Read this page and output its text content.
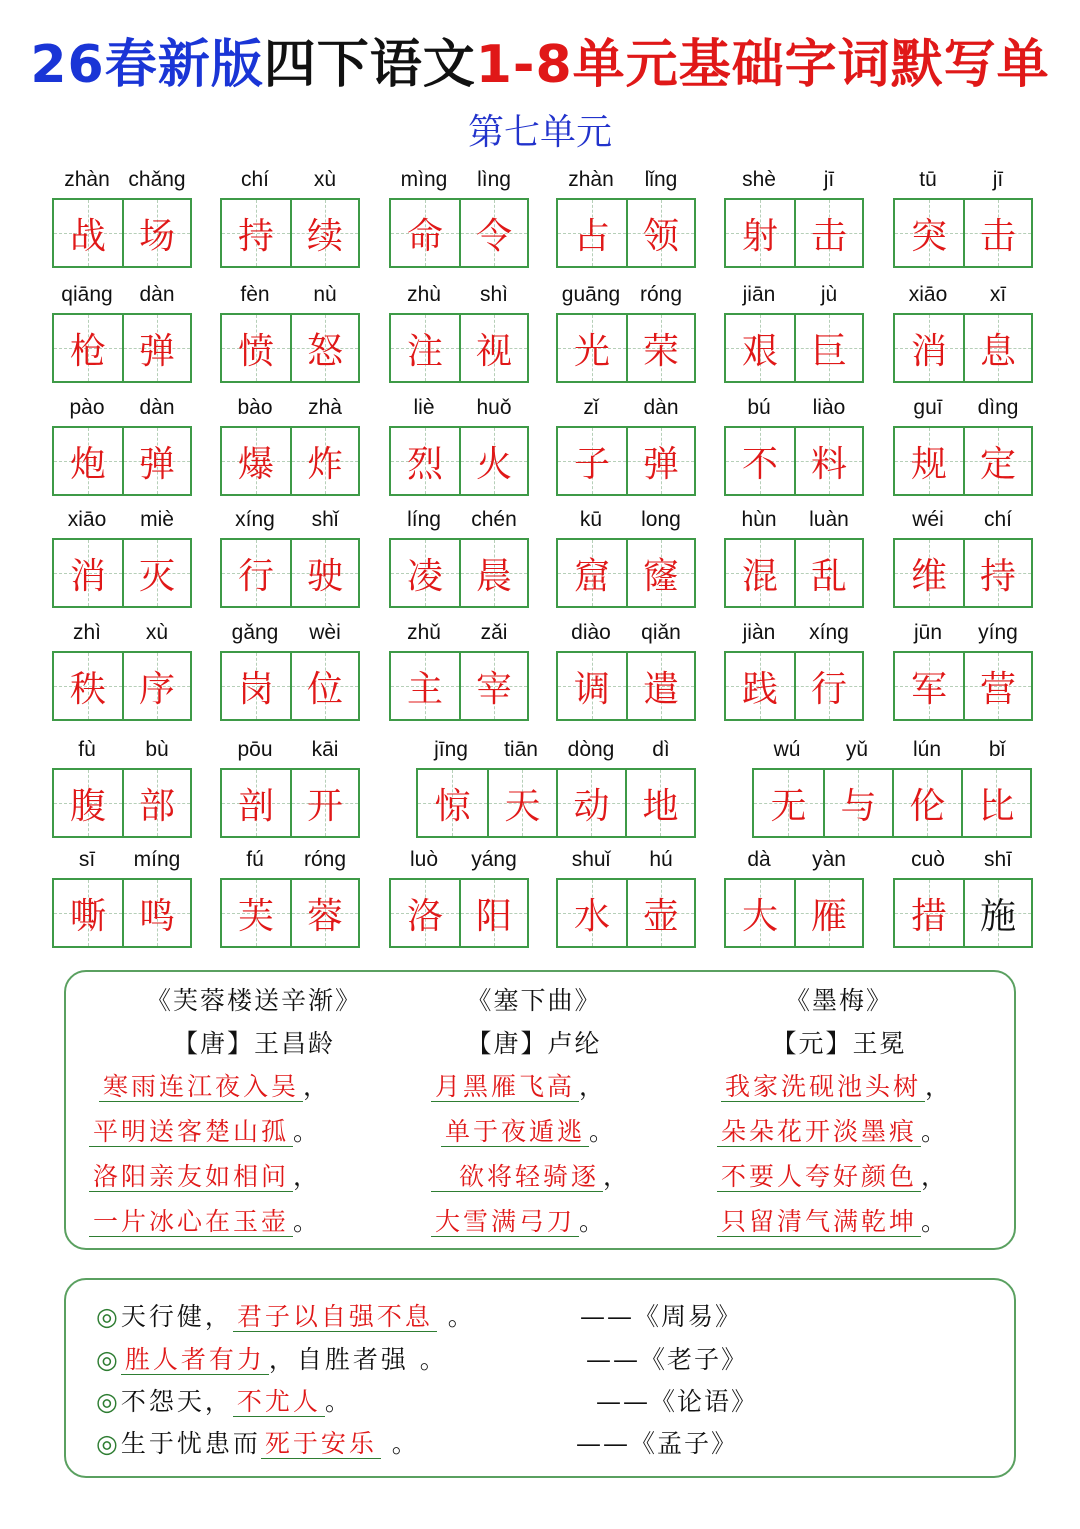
26春新版四下语文1-8单元基础字词默写单
第七单元
zhàn chǎng
战 场
chí	xù
持 续
mìng	lìng
命 令
zhàn	lǐng
占 领
shè	jī
射 击
tū	jī
突 击
qiāng	dàn
枪 弹
fèn	nù
愤 怒
zhù	shì
注 视
guāng róng
光 荣
jiān	jù
艰 巨
xiāo	xī
消 息
pào	dàn
炮 弹
bào	zhà
爆 炸
liè	huǒ
烈 火
zǐ	dàn
子 弹
bú	liào
不 料
guī	dìng
规 定
xiāo	miè
消 灭
xíng	shǐ
行 驶
líng	chén
凌 晨
kū	long
窟 窿
hùn	luàn
混 乱
wéi	chí
维 持
zhì	xù
秩 序
gǎng	wèi
岗 位
zhǔ	zǎi
主 宰
diào	qiǎn
调 遣
jiàn	xíng
践 行
jūn	yíng
军 营
fù	bù
腹 部
pōu	kāi
剖 开
jīng	tiān	dòng	dì
惊 天 动 地
wú	yǔ	lún	bǐ
无 与 伦 比
sī	míng
嘶 鸣
fú	róng
芙 蓉
luò	yáng
洛 阳
shuǐ	hú
水 壶
dà	yàn
大 雁
cuò	shī
措 施
《芙蓉楼送辛渐》
【唐】王昌龄
寒雨连江夜入吴 ，
平明送客楚山孤 。
洛阳亲友如相问 ，
一片冰心在玉壶 。
《塞下曲》
【唐】卢纶
月黑雁飞高 ，
单于夜遁逃 。
欲将轻骑逐 ，
大雪满弓刀 。
《墨梅》
【元】王冕
我家洗砚池头树 ，
朵朵花开淡墨痕 。
不要人夸好颜色 ，
只留清气满乾坤 。
◎天行健， 君子以自强不息 。	——《周易》
◎ 胜人者有力 ，自胜者强 。	——《老子》
◎不怨天， 不尤人 。	——《论语》
◎生于忧患而 死于安乐 。	——《孟子》
